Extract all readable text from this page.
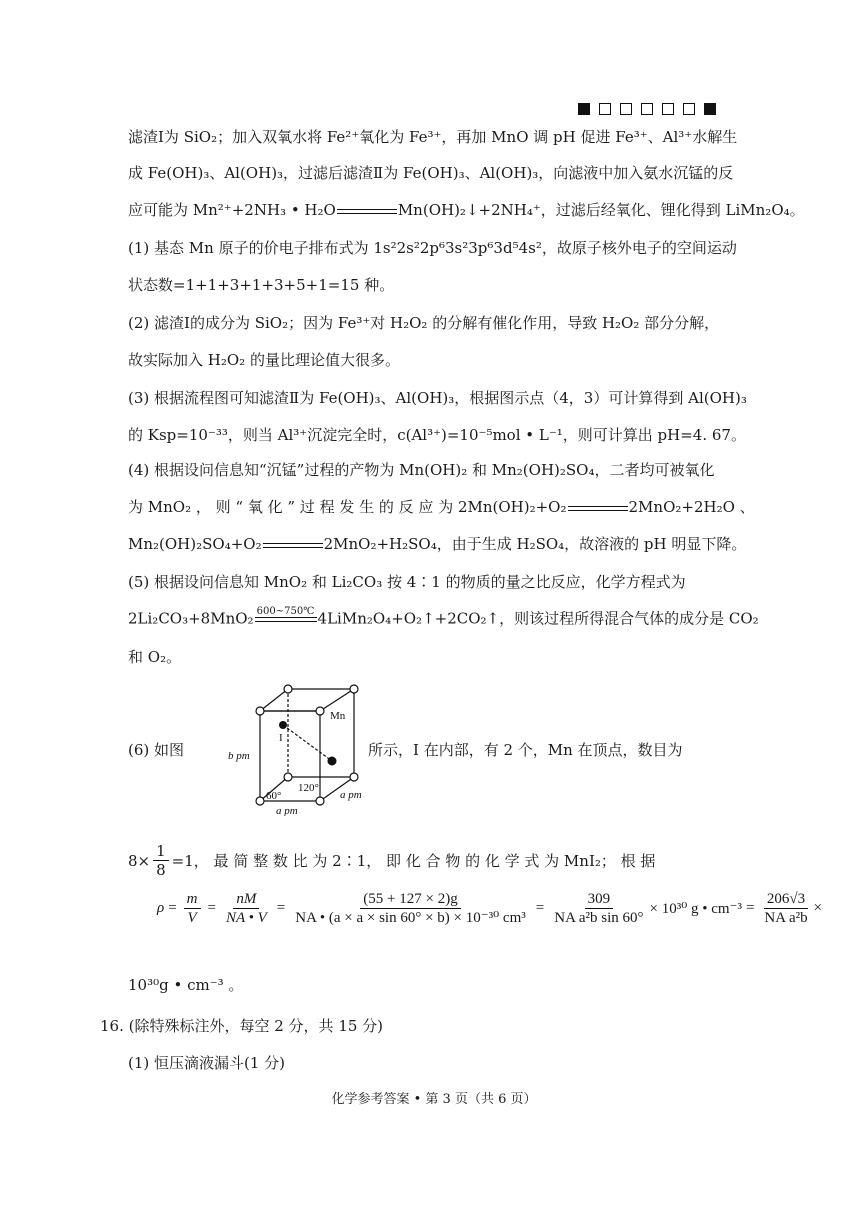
滤渣Ⅰ为 SiO₂；加入双氧水将 Fe²⁺氧化为 Fe³⁺，再加 MnO 调 pH 促进 Fe³⁺、Al³⁺水解生
成 Fe(OH)₃、Al(OH)₃，过滤后滤渣Ⅱ为 Fe(OH)₃、Al(OH)₃，向滤液中加入氨水沉锰的反
应可能为 Mn²⁺+2NH₃ • H₂O	Mn(OH)₂↓+2NH₄⁺，过滤后经氧化、锂化得到 LiMn₂O₄。
(1) 基态 Mn 原子的价电子排布式为 1s²2s²2p⁶3s²3p⁶3d⁵4s²，故原子核外电子的空间运动
状态数=1+1+3+1+3+5+1=15 种。
(2) 滤渣Ⅰ的成分为 SiO₂；因为 Fe³⁺对 H₂O₂ 的分解有催化作用，导致 H₂O₂ 部分分解，
故实际加入 H₂O₂ 的量比理论值大很多。
(3) 根据流程图可知滤渣Ⅱ为 Fe(OH)₃、Al(OH)₃，根据图示点（4，3）可计算得到 Al(OH)₃
的 Ksp=10⁻³³，则当 Al³⁺沉淀完全时，c(Al³⁺)=10⁻⁵mol • L⁻¹，则可计算出 pH=4. 67。
(4) 根据设问信息知“沉锰”过程的产物为 Mn(OH)₂ 和 Mn₂(OH)₂SO₄，二者均可被氧化
为 MnO₂ ， 则 “ 氧 化 ” 过 程 发 生 的 反 应 为 2Mn(OH)₂+O₂	2MnO₂+2H₂O 、
Mn₂(OH)₂SO₄+O₂	2MnO₂+H₂SO₄，由于生成 H₂SO₄，故溶液的 pH 明显下降。
(5) 根据设问信息知 MnO₂ 和 Li₂CO₃ 按 4∶1 的物质的量之比反应，化学方程式为
2Li₂CO₃+8MnO₂ 600~750℃
4LiMn₂O₄+O₂↑+2CO₂↑，则该过程所得混合气体的成分是 CO₂
和 O₂。
(6) 如图
Mn
I
b pm
60°
120°
a pm
a pm
所示，I 在内部，有 2 个，Mn 在顶点，数目为
$8\times \frac{1}{8} =1$， 最 简 整 数 比 为 2∶1， 即 化 合 物 的 化 学 式 为 MnI₂； 根 据
$\rho = \frac{m}{V} = \frac{nM}{NA • V} = \frac{(55 + 127 \times 2)g}{\text{NA • (a × a × sin 60° × b) × 10⁻³⁰ cm³}} = \frac{309}{\text{NA a²b sin 60°}} \times 10^{30}$ g • $cm^{-3} = \frac{206√3}{\text{NA a²b}}$ ×
10³⁰g • cm⁻³ 。
16. (除特殊标注外，每空 2 分，共 15 分)
(1) 恒压滴液漏斗(1 分)
化学参考答案 • 第 3 页（共 6 页）
